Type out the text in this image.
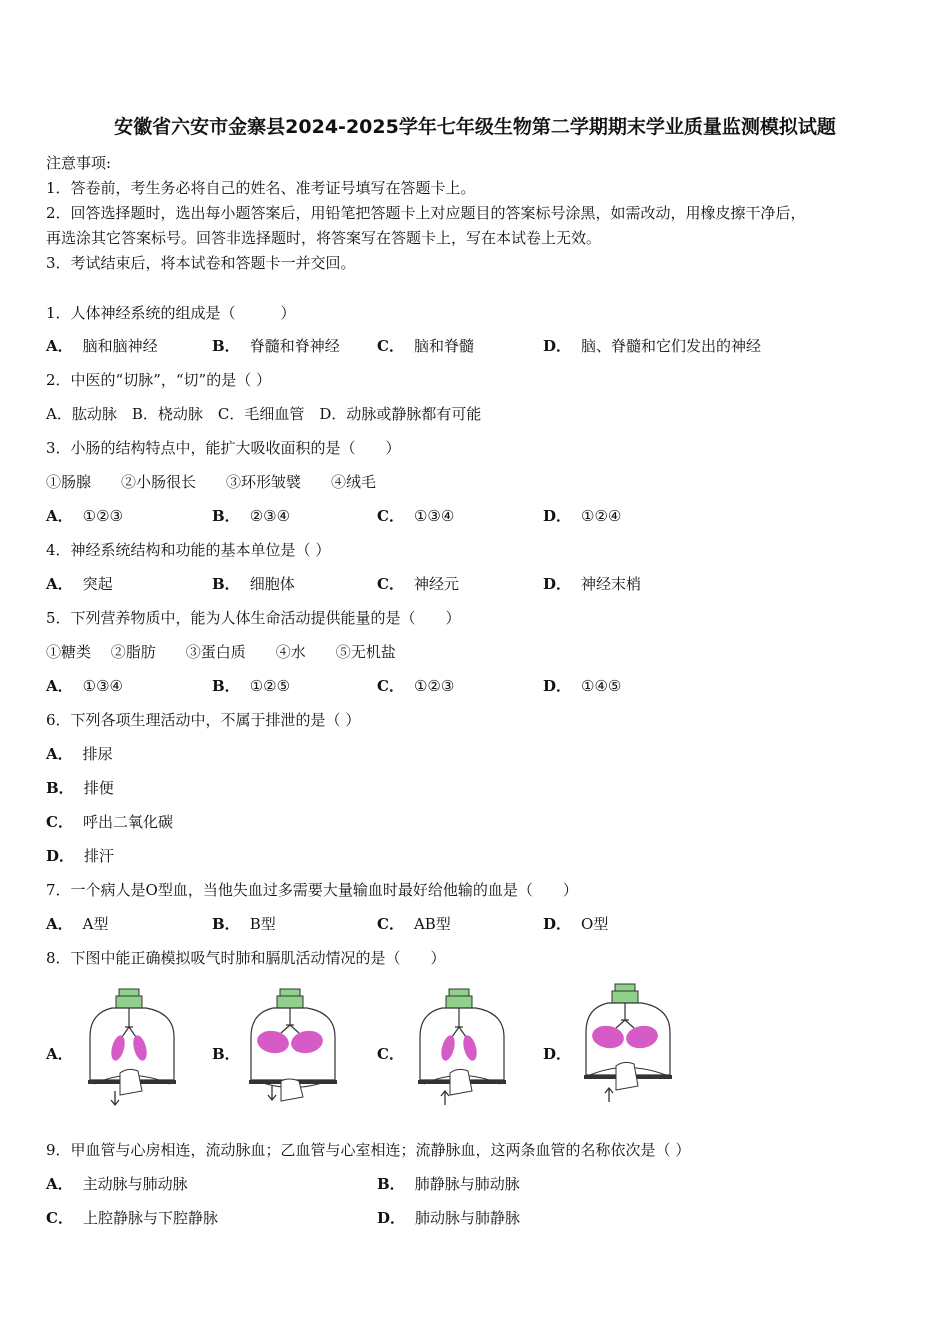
安徽省六安市金寨县2024-2025学年七年级生物第二学期期末学业质量监测模拟试题
注意事项:
1．答卷前，考生务必将自己的姓名、准考证号填写在答题卡上。
2．回答选择题时，选出每小题答案后，用铅笔把答题卡上对应题目的答案标号涂黑，如需改动，用橡皮擦干净后，
再选涂其它答案标号。回答非选择题时，将答案写在答题卡上，写在本试卷上无效。
3．考试结束后，将本试卷和答题卡一并交回。
1．人体神经系统的组成是（　　　）
A． 脑和脑神经	B． 脊髓和脊神经 C． 脑和脊髓	D． 脑、脊髓和它们发出的神经
2．中医的“切脉”，“切”的是（ ）
A．肱动脉　B．桡动脉　C．毛细血管　D．动脉或静脉都有可能
3．小肠的结构特点中，能扩大吸收面积的是（　　）
①肠腺　　②小肠很长　　③环形皱襞　　④绒毛
A． ①②③	B． ②③④	C． ①③④	D． ①②④
4．神经系统结构和功能的基本单位是（ ）
A． 突起	B． 细胞体	C． 神经元	D． 神经末梢
5．下列营养物质中，能为人体生命活动提供能量的是（　　）
①糖类　 ②脂肪　　③蛋白质　　④水　　⑤无机盐
A． ①③④	B． ①②⑤	C． ①②③	D． ①④⑤
6．下列各项生理活动中，不属于排泄的是（ ）
A． 排尿
B． 排便
C． 呼出二氧化碳
D． 排汗
7．一个病人是O型血，当他失血过多需要大量输血时最好给他输的血是（　　）
A． A型	B． B型	C． AB型	D． O型
8．下图中能正确模拟吸气时肺和膈肌活动情况的是（　　）
A．	B．	C．	D．
9．甲血管与心房相连，流动脉血；乙血管与心室相连；流静脉血，这两条血管的名称依次是（ ）
A． 主动脉与肺动脉	B． 肺静脉与肺动脉
C． 上腔静脉与下腔静脉	D． 肺动脉与肺静脉
